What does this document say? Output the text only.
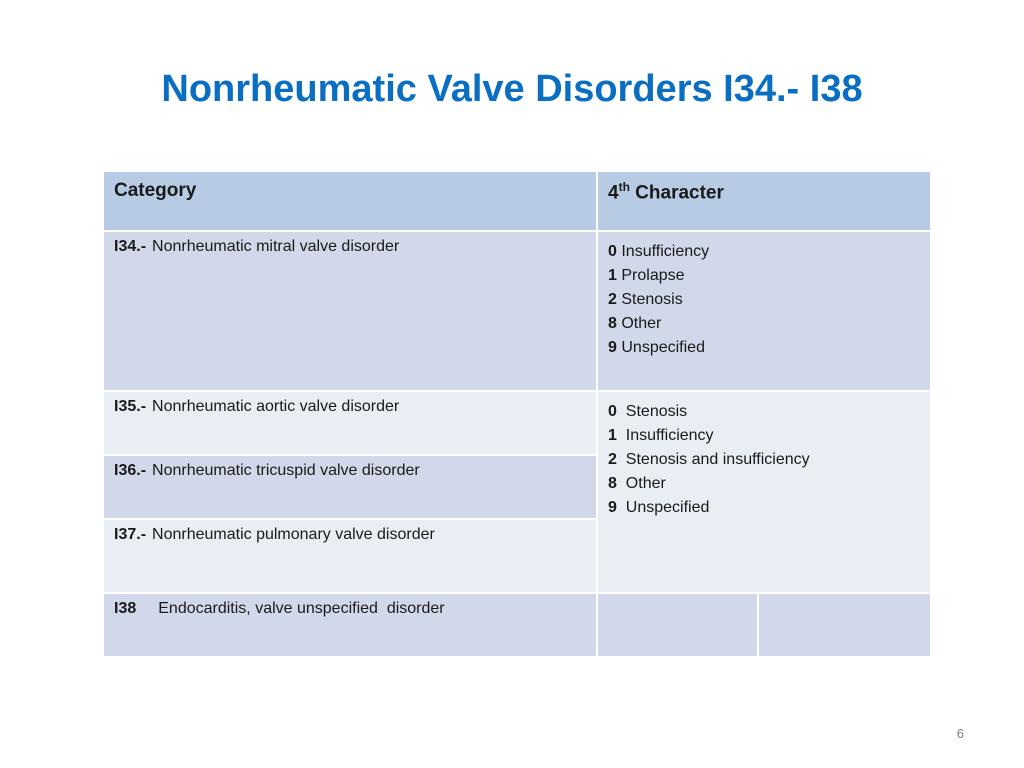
Nonrheumatic Valve Disorders I34.- I38
Category	4th Character	
I34.- Nonrheumatic mitral valve disorder	0 Insufficiency
1 Prolapse
2 Stenosis
8 Other
9 Unspecified	

I35.- Nonrheumatic aortic valve disorder	0 Stenosis
1 Insufficiency
2 Stenosis and insufficiency
8 Other
9 Unspecified	

I36.- Nonrheumatic tricuspid valve disorder		
I37.- Nonrheumatic pulmonary valve disorder		
I38 Endocarditis, valve unspecified  disorder		
6
